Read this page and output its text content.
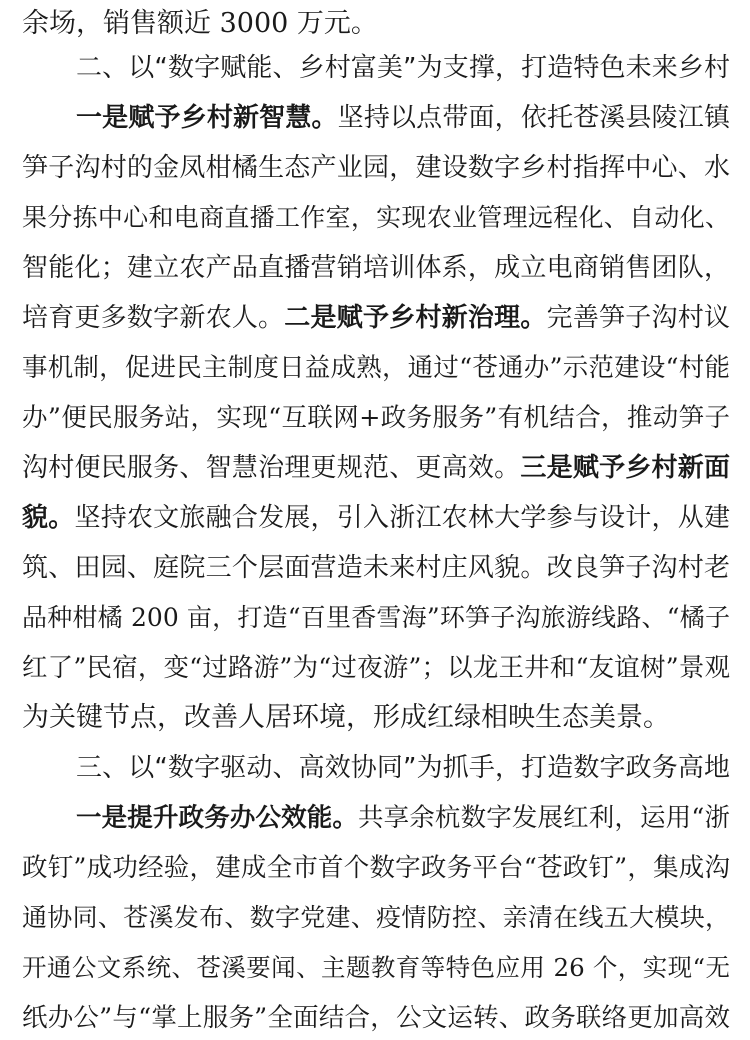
余场，销售额近 3000 万元。
二、以“数字赋能、乡村富美”为支撑，打造特色未来乡村
一是赋予乡村新智慧。坚持以点带面，依托苍溪县陵江镇
笋子沟村的金凤柑橘生态产业园，建设数字乡村指挥中心、水
果分拣中心和电商直播工作室，实现农业管理远程化、自动化、
智能化；建立农产品直播营销培训体系，成立电商销售团队，
培育更多数字新农人。二是赋予乡村新治理。完善笋子沟村议
事机制，促进民主制度日益成熟，通过“苍通办”示范建设“村能
办”便民服务站，实现“互联网+政务服务”有机结合，推动笋子
沟村便民服务、智慧治理更规范、更高效。三是赋予乡村新面
貌。坚持农文旅融合发展，引入浙江农林大学参与设计，从建
筑、田园、庭院三个层面营造未来村庄风貌。改良笋子沟村老
品种柑橘 200 亩，打造“百里香雪海”环笋子沟旅游线路、“橘子
红了”民宿，变“过路游”为“过夜游”；以龙王井和“友谊树”景观
为关键节点，改善人居环境，形成红绿相映生态美景。
三、以“数字驱动、高效协同”为抓手，打造数字政务高地
一是提升政务办公效能。共享余杭数字发展红利，运用“浙
政钉”成功经验，建成全市首个数字政务平台“苍政钉”，集成沟
通协同、苍溪发布、数字党建、疫情防控、亲清在线五大模块，
开通公文系统、苍溪要闻、主题教育等特色应用 26 个，实现“无
纸办公”与“掌上服务”全面结合，公文运转、政务联络更加高效
